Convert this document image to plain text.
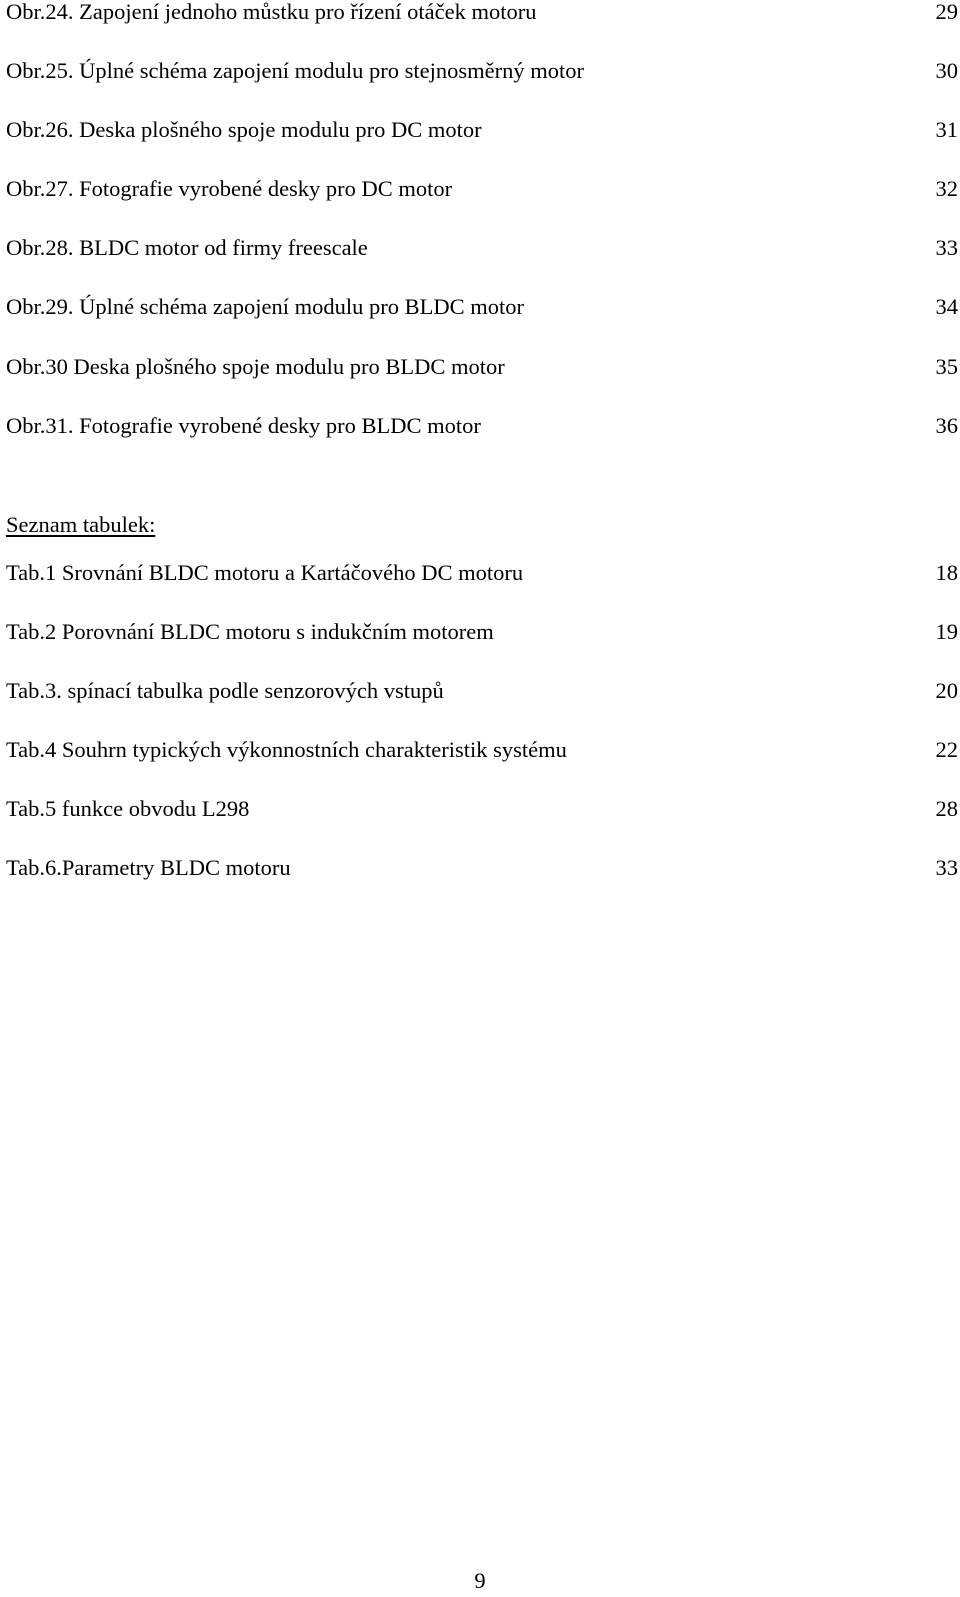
Obr.24. Zapojení jednoho můstku pro řízení otáček motoru	29
Obr.25. Úplné schéma zapojení modulu pro stejnosměrný motor	30
Obr.26. Deska plošného spoje modulu pro DC motor	31
Obr.27. Fotografie vyrobené desky pro DC motor	32
Obr.28. BLDC motor od firmy freescale	33
Obr.29. Úplné schéma zapojení modulu pro BLDC motor	34
Obr.30 Deska plošného spoje modulu pro BLDC motor	35
Obr.31. Fotografie vyrobené desky pro BLDC motor	36
Seznam tabulek:
Tab.1 Srovnání BLDC motoru a Kartáčového DC motoru	18
Tab.2 Porovnání BLDC motoru s indukčním motorem	19
Tab.3. spínací tabulka podle senzorových vstupů	20
Tab.4 Souhrn typických výkonnostních charakteristik systému	22
Tab.5 funkce obvodu L298	28
Tab.6.Parametry BLDC motoru	33
9
